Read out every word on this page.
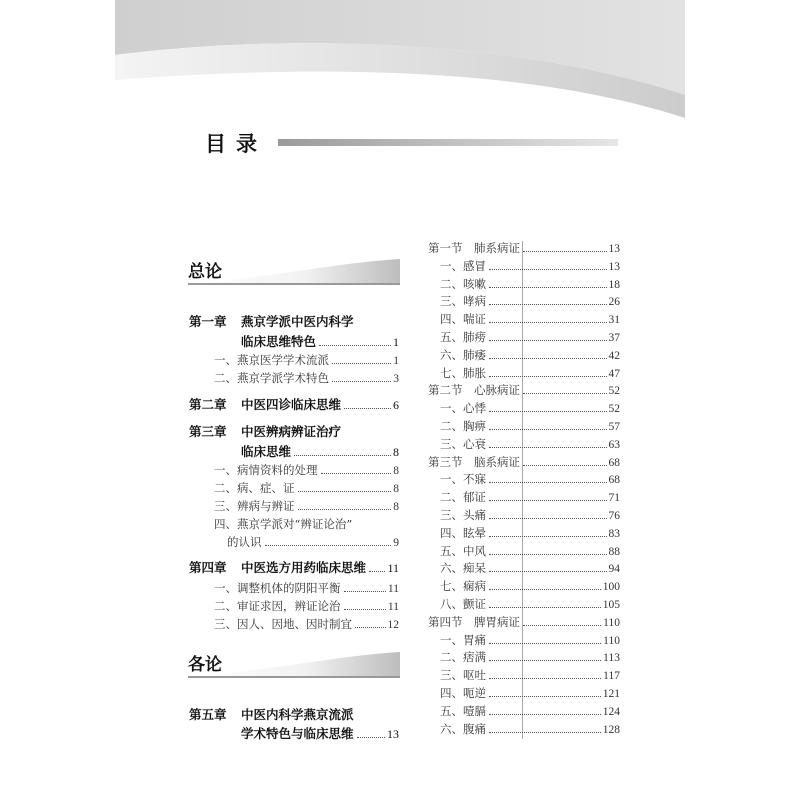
目录
总论
第一章 燕京学派中医内科学
临床思维特色	1
一、燕京医学学术流派	1
二、燕京学派学术特色	3
第二章 中医四诊临床思维	6
第三章 中医辨病辨证治疗
临床思维	8
一、病情资料的处理	8
二、病、症、证	8
三、辨病与辨证	8
四、燕京学派对“辨证论治”
的认识	9
第四章 中医选方用药临床思维 11
一、调整机体的阴阳平衡	11
二、审证求因，辨证论治	11
三、因人、因地、因时制宜	12
各论
第五章 中医内科学燕京流派
学术特色与临床思维	13
第一节　肺系病证	13
一、感冒	13
二、咳嗽	18
三、哮病	26
四、喘证	31
五、肺痨	37
六、肺痿	42
七、肺胀	47
第二节　心脉病证	52
一、心悸	52
二、胸痹	57
三、心衰	63
第三节　脑系病证	68
一、不寐	68
二、郁证	71
三、头痛	76
四、眩晕	83
五、中风	88
六、痴呆	94
七、痫病	100
八、颤证	105
第四节　脾胃病证	110
一、胃痛	110
二、痞满	113
三、呕吐	117
四、呃逆	121
五、噎膈	124
六、腹痛	128
